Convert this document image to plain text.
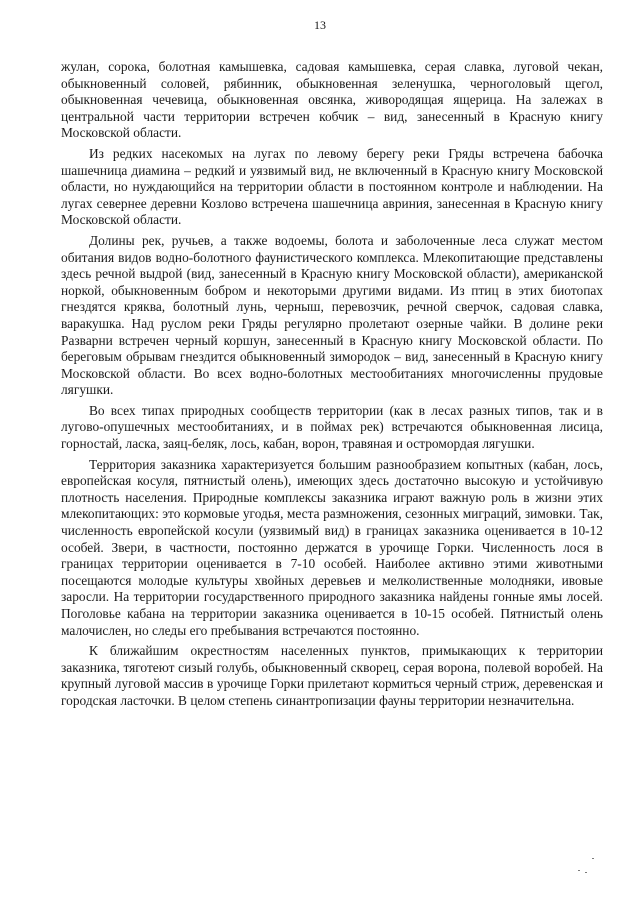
13

жулан, сорока, болотная камышевка, садовая камышевка, серая славка, луговой чекан, обыкновенный соловей, рябинник, обыкновенная зеленушка, черноголовый щегол, обыкновенная чечевица, обыкновенная овсянка, живородящая ящерица. На залежах в центральной части территории встречен кобчик – вид, занесенный в Красную книгу Московской области.

Из редких насекомых на лугах по левому берегу реки Гряды встречена бабочка шашечница диамина – редкий и уязвимый вид, не включенный в Красную книгу Московской области, но нуждающийся на территории области в постоянном контроле и наблюдении. На лугах севернее деревни Козлово встречена шашечница авриния, занесенная в Красную книгу Московской области.

Долины рек, ручьев, а также водоемы, болота и заболоченные леса служат местом обитания видов водно-болотного фаунистического комплекса. Млекопитающие представлены здесь речной выдрой (вид, занесенный в Красную книгу Московской области), американской норкой, обыкновенным бобром и некоторыми другими видами. Из птиц в этих биотопах гнездятся кряква, болотный лунь, черныш, перевозчик, речной сверчок, садовая славка, варакушка. Над руслом реки Гряды регулярно пролетают озерные чайки. В долине реки Разварни встречен черный коршун, занесенный в Красную книгу Московской области. По береговым обрывам гнездится обыкновенный зимородок – вид, занесенный в Красную книгу Московской области. Во всех водно-болотных местообитаниях многочисленны прудовые лягушки.

Во всех типах природных сообществ территории (как в лесах разных типов, так и в лугово-опушечных местообитаниях, и в поймах рек) встречаются обыкновенная лисица, горностай, ласка, заяц-беляк, лось, кабан, ворон, травяная и остромордая лягушки.

Территория заказника характеризуется большим разнообразием копытных (кабан, лось, европейская косуля, пятнистый олень), имеющих здесь достаточно высокую и устойчивую плотность населения. Природные комплексы заказника играют важную роль в жизни этих млекопитающих: это кормовые угодья, места размножения, сезонных миграций, зимовки. Так, численность европейской косули (уязвимый вид) в границах заказника оценивается в 10-12 особей. Звери, в частности, постоянно держатся в урочище Горки. Численность лося в границах территории оценивается в 7-10 особей. Наиболее активно этими животными посещаются молодые культуры хвойных деревьев и мелколиственные молодняки, ивовые заросли. На территории государственного природного заказника найдены гонные ямы лосей. Поголовье кабана на территории заказника оценивается в 10-15 особей. Пятнистый олень малочислен, но следы его пребывания встречаются постоянно.

К ближайшим окрестностям населенных пунктов, примыкающих к территории заказника, тяготеют сизый голубь, обыкновенный скворец, серая ворона, полевой воробей. На крупный луговой массив в урочище Горки прилетают кормиться черный стриж, деревенская и городская ласточки. В целом степень синантропизации фауны территории незначительна.
